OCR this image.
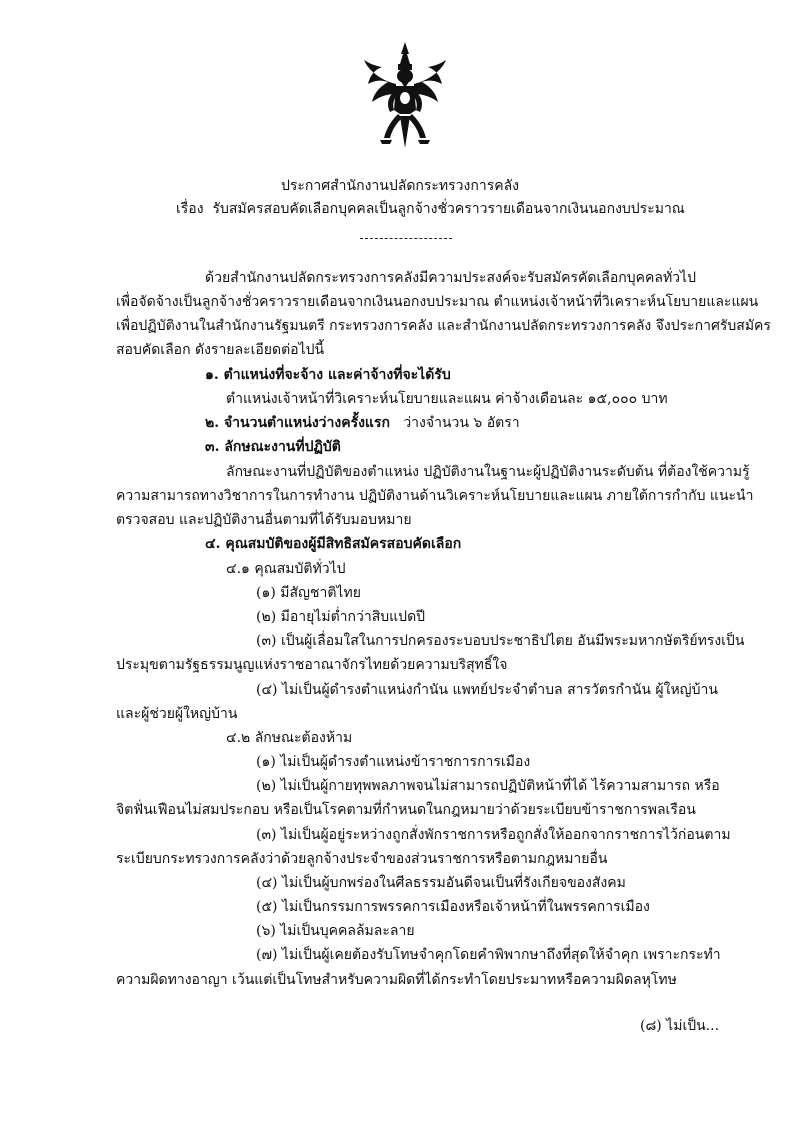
ประกาศสำนักงานปลัดกระทรวงการคลัง
เรื่อง รับสมัครสอบคัดเลือกบุคคลเป็นลูกจ้างชั่วคราวรายเดือนจากเงินนอกงบประมาณ
ด้วยสำนักงานปลัดกระทรวงการคลังมีความประสงค์จะรับสมัครคัดเลือกบุคคลทั่วไป
เพื่อจัดจ้างเป็นลูกจ้างชั่วคราวรายเดือนจากเงินนอกงบประมาณ ตำแหน่งเจ้าหน้าที่วิเคราะห์นโยบายและแผน
เพื่อปฏิบัติงานในสำนักงานรัฐมนตรี กระทรวงการคลัง และสำนักงานปลัดกระทรวงการคลัง จึงประกาศรับสมัคร
สอบคัดเลือก ดังรายละเอียดต่อไปนี้
๑. ตำแหน่งที่จะจ้าง และค่าจ้างที่จะได้รับ
ตำแหน่งเจ้าหน้าที่วิเคราะห์นโยบายและแผน ค่าจ้างเดือนละ ๑๕,๐๐๐ บาท
๒. จำนวนตำแหน่งว่างครั้งแรก ว่างจำนวน ๖ อัตรา
๓. ลักษณะงานที่ปฏิบัติ
ลักษณะงานที่ปฏิบัติของตำแหน่ง ปฏิบัติงานในฐานะผู้ปฏิบัติงานระดับต้น ที่ต้องใช้ความรู้
ความสามารถทางวิชาการในการทำงาน ปฏิบัติงานด้านวิเคราะห์นโยบายและแผน ภายใต้การกำกับ แนะนำ
ตรวจสอบ และปฏิบัติงานอื่นตามที่ได้รับมอบหมาย
๔. คุณสมบัติของผู้มีสิทธิสมัครสอบคัดเลือก
๔.๑ คุณสมบัติทั่วไป
(๑) มีสัญชาติไทย
(๒) มีอายุไม่ต่ำกว่าสิบแปดปี
(๓) เป็นผู้เลื่อมใสในการปกครองระบอบประชาธิปไตย อันมีพระมหากษัตริย์ทรงเป็น
ประมุขตามรัฐธรรมนูญแห่งราชอาณาจักรไทยด้วยความบริสุทธิ์ใจ
(๔) ไม่เป็นผู้ดำรงตำแหน่งกำนัน แพทย์ประจำตำบล สารวัตรกำนัน ผู้ใหญ่บ้าน
และผู้ช่วยผู้ใหญ่บ้าน
๔.๒ ลักษณะต้องห้าม
(๑) ไม่เป็นผู้ดำรงตำแหน่งข้าราชการการเมือง
(๒) ไม่เป็นผู้กายทุพพลภาพจนไม่สามารถปฏิบัติหน้าที่ได้ ไร้ความสามารถ หรือ
จิตฟั่นเฟือนไม่สมประกอบ หรือเป็นโรคตามที่กำหนดในกฎหมายว่าด้วยระเบียบข้าราชการพลเรือน
(๓) ไม่เป็นผู้อยู่ระหว่างถูกสั่งพักราชการหรือถูกสั่งให้ออกจากราชการไว้ก่อนตาม
ระเบียบกระทรวงการคลังว่าด้วยลูกจ้างประจำของส่วนราชการหรือตามกฎหมายอื่น
(๔) ไม่เป็นผู้บกพร่องในศีลธรรมอันดีจนเป็นที่รังเกียจของสังคม
(๕) ไม่เป็นกรรมการพรรคการเมืองหรือเจ้าหน้าที่ในพรรคการเมือง
(๖) ไม่เป็นบุคคลล้มละลาย
(๗) ไม่เป็นผู้เคยต้องรับโทษจำคุกโดยคำพิพากษาถึงที่สุดให้จำคุก เพราะกระทำ
ความผิดทางอาญา เว้นแต่เป็นโทษสำหรับความผิดที่ได้กระทำโดยประมาทหรือความผิดลหุโทษ
(๘) ไม่เป็น...
